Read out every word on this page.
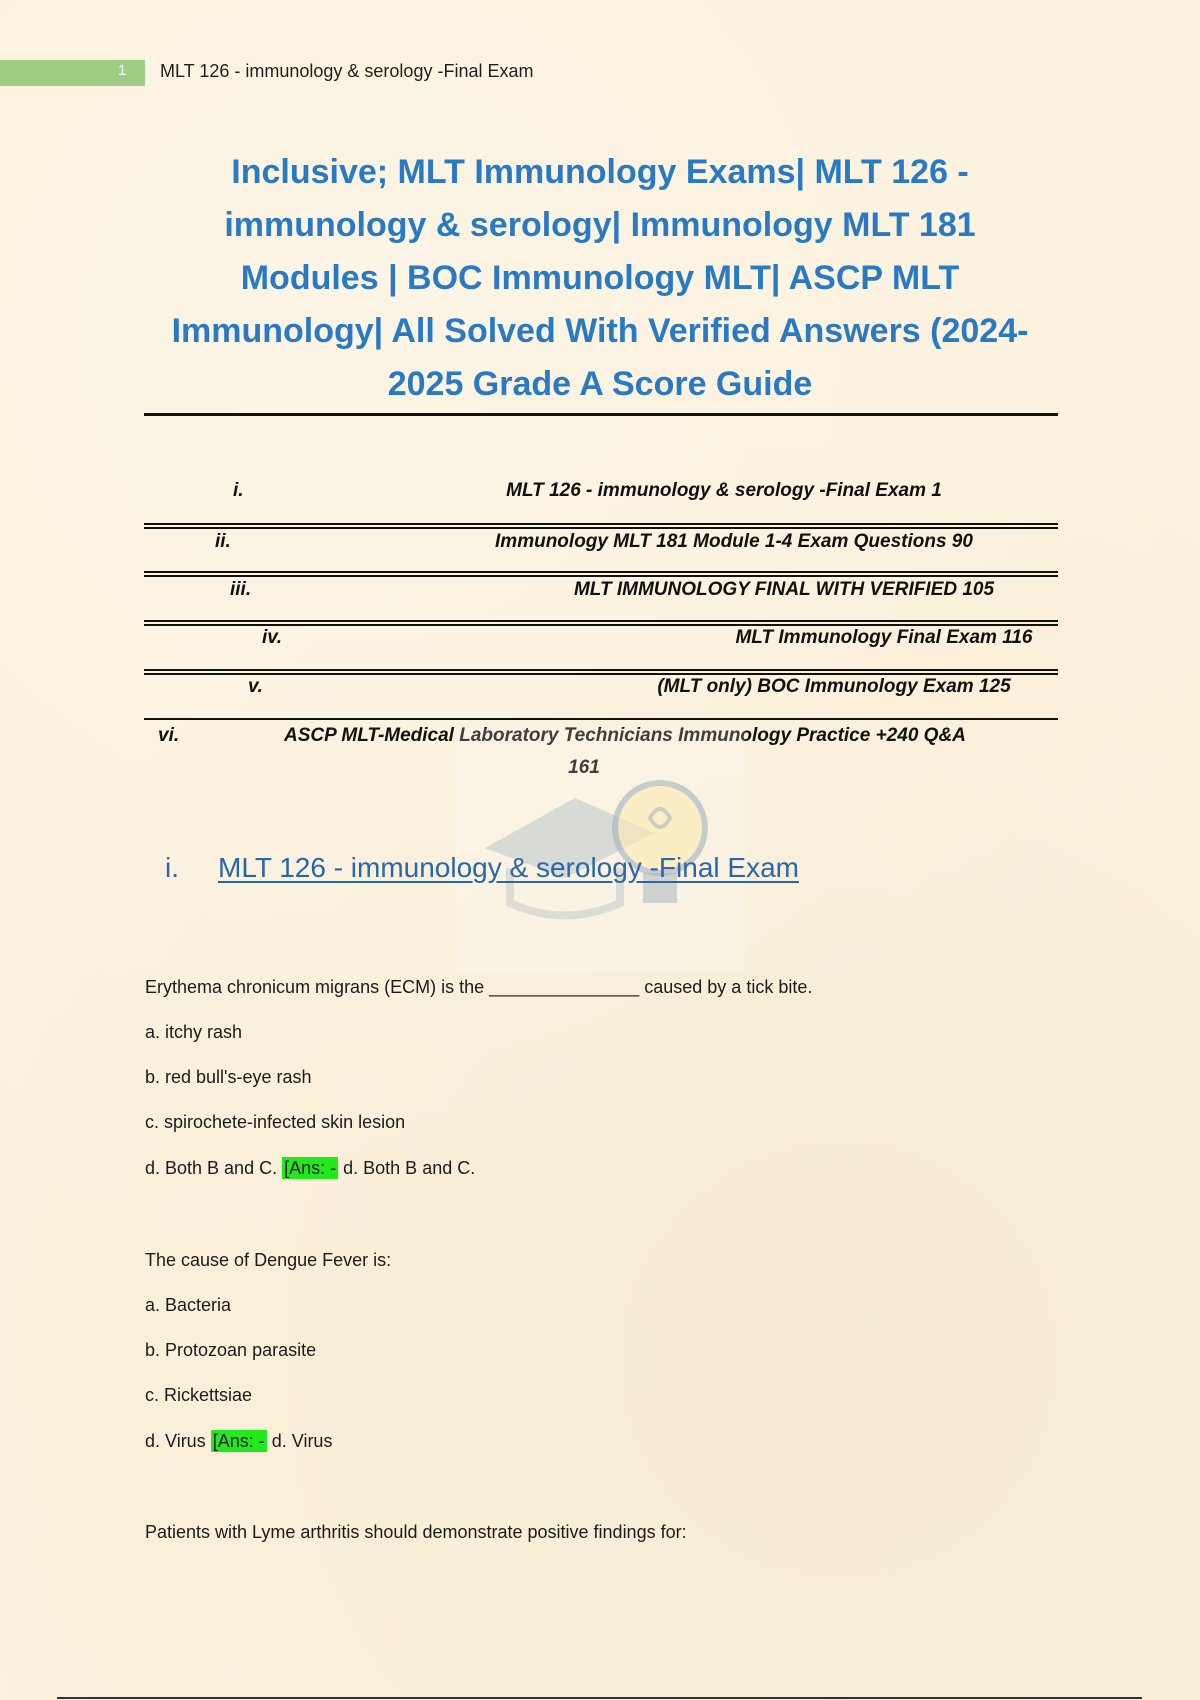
1 MLT 126 - immunology & serology -Final Exam
Inclusive; MLT Immunology Exams| MLT 126 -
immunology & serology| Immunology MLT 181
Modules | BOC Immunology MLT| ASCP MLT
Immunology| All Solved With Verified Answers (2024-
2025 Grade A Score Guide
i.	MLT 126 - immunology & serology -Final Exam 1
ii.	Immunology MLT 181 Module 1-4 Exam Questions 90
iii.	MLT IMMUNOLOGY FINAL WITH VERIFIED 105
iv.	MLT Immunology Final Exam 116
v.	(MLT only) BOC Immunology Exam 125
vi.	ASCP MLT-Medical Laboratory Technicians Immunology Practice +240 Q&A
161
i. MLT 126 - immunology & serology -Final Exam
Erythema chronicum migrans (ECM) is the _______________ caused by a tick bite.
a. itchy rash
b. red bull's-eye rash
c. spirochete-infected skin lesion
d. Both B and C. [Ans: - d. Both B and C.
The cause of Dengue Fever is:
a. Bacteria
b. Protozoan parasite
c. Rickettsiae
d. Virus [Ans: - d. Virus
Patients with Lyme arthritis should demonstrate positive findings for:
